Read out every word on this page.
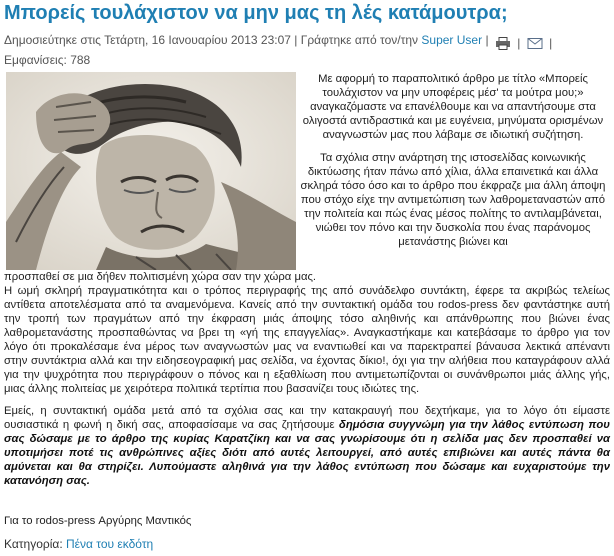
Μπορείς τουλάχιστον να μην μας τη λές κατάμουτρα;
Δημοσιεύτηκε στις Τετάρτη, 16 Ιανουαρίου 2013 23:07 | Γράφτηκε από τον/την Super User | | |
Εμφανίσεις: 788

Με αφορμή το παραπολιτικό άρθρο με τίτλο «Μπορείς τουλάχιστον να μην υποφέρεις μέσ' τα μούτρα μου;» αναγκαζόμαστε να επανέλθουμε και να απαντήσουμε στα ολιγοστά αντιδραστικά και με ευγένεια, μηνύματα ορισμένων αναγνωστών μας που λάβαμε σε ιδιωτική συζήτηση.

Τα σχόλια στην ανάρτηση της ιστοσελίδας κοινωνικής δικτύωσης ήταν πάνω από χίλια, άλλα επαινετικά και άλλα σκληρά τόσο όσο και το άρθρο που έκφραζε μια άλλη άποψη που στόχο είχε την αντιμετώπιση των λαθρομεταναστών από την πολιτεία και πώς ένας μέσος πολίτης το αντιλαμβάνεται, νιώθει τον πόνο και την δυσκολία που ένας παράνομος μετανάστης βιώνει και

προσπαθεί σε μια δήθεν πολιτισμένη χώρα σαν την χώρα μας.

Η ωμή σκληρή πραγματικότητα και ο τρόπος περιγραφής της από συνάδελφο συντάκτη, έφερε τα ακριβώς τελείως αντίθετα αποτελέσματα από τα αναμενόμενα. Κανείς από την συντακτική ομάδα του rodos-press δεν φαντάστηκε αυτή την τροπή των πραγμάτων από την έκφραση μιάς άποψης τόσο αληθινής και απάνθρωπης που βιώνει ένας λαθρομετανάστης προσπαθώντας να βρει τη «γή της επαγγελίας». Αναγκαστήκαμε και κατεβάσαμε το άρθρο για τον λόγο ότι προκαλέσαμε ένα μέρος των αναγνωστών μας να εναντιωθεί και να παρεκτραπεί βάναυσα λεκτικά απέναντι στην συντάκτρια αλλά και την ειδησεογραφική μας σελίδα, να έχοντας δίκιο!, όχι για την αλήθεια που καταγράφουν αλλά για την ψυχρότητα που περιγράφουν ο πόνος και η εξαθλίωση που αντιμετωπίζονται οι συνάνθρωποι μιάς άλλης γής, μιας άλλης πολιτείας με χειρότερα πολιτικά τερτίπια που βασανίζει τους ιδιώτες της.

Εμείς, η συντακτική ομάδα μετά από τα σχόλια σας και την κατακραυγή που δεχτήκαμε, για το λόγο ότι είμαστε ουσιαστικά η φωνή η δική σας, αποφασίσαμε να σας ζητήσουμε δημόσια συγγνώμη για την λάθος εντύπωση που σας δώσαμε με το άρθρο της κυρίας Καρατζίκη και να σας γνωρίσουμε ότι η σελίδα μας δεν προσπαθεί να υποτιμήσει ποτέ τις ανθρώπινες αξίες διότι από αυτές λειτουργεί, από αυτές επιβιώνει και αυτές πάντα θα αμύνεται και θα στηρίζει. Λυπούμαστε αληθινά για την λάθος εντύπωση που δώσαμε και ευχαριστούμε την κατανόηση σας.

Για το rodos-press Αργύρης Μαντικός

Κατηγορία: Πένα του εκδότη
